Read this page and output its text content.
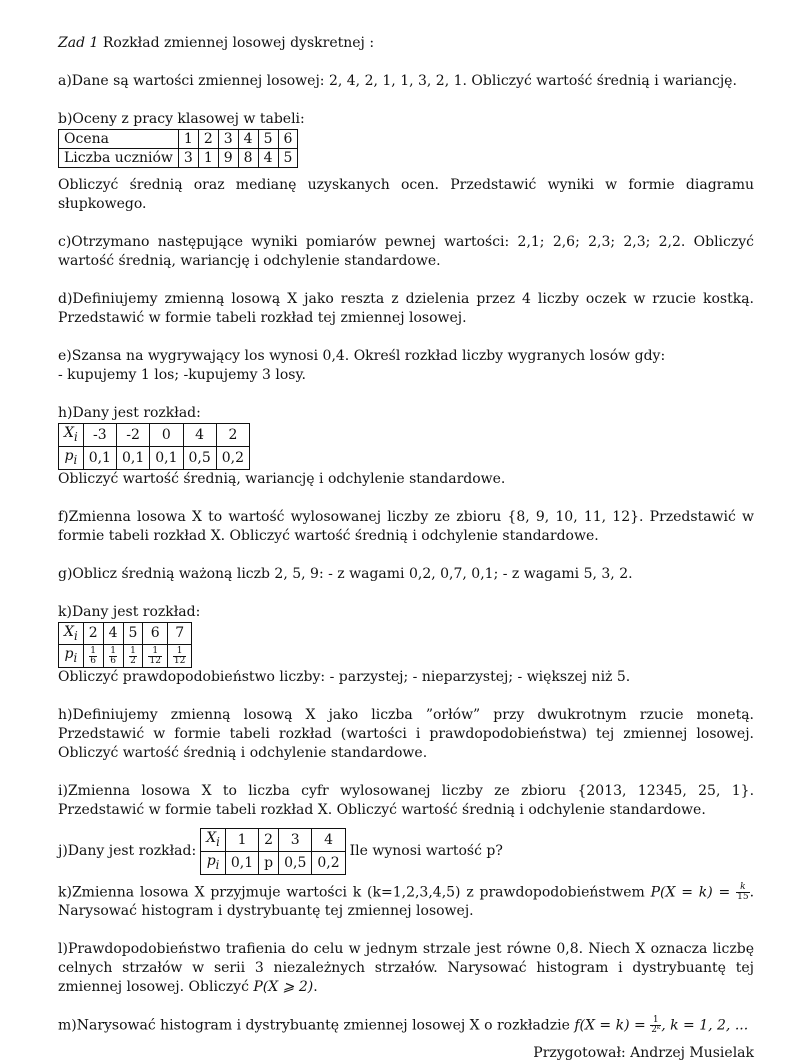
Zad 1 Rozkład zmiennej losowej dyskretnej :

a)Dane są wartości zmiennej losowej: 2, 4, 2, 1, 1, 3, 2, 1. Obliczyć wartość średnią i wariancję.

b)Oceny z pracy klasowej w tabeli:

Ocena	1	2	3	4	5	6
Liczba uczniów	3	1	9	8	4	5

Obliczyć średnią oraz medianę uzyskanych ocen. Przedstawić wyniki w formie diagramu słupkowego.

c)Otrzymano następujące wyniki pomiarów pewnej wartości: 2,1; 2,6; 2,3; 2,3; 2,2. Obliczyć wartość średnią, wariancję i odchylenie standardowe.

d)Definiujemy zmienną losową X jako reszta z dzielenia przez 4 liczby oczek w rzucie kostką. Przedstawić w formie tabeli rozkład tej zmiennej losowej.

e)Szansa na wygrywający los wynosi 0,4. Określ rozkład liczby wygranych losów gdy:

- kupujemy 1 los; -kupujemy 3 losy.

h)Dany jest rozkład:

$X_i$	-3	-2	0	4	2
$p_i$	0,1	0,1	0,1	0,5	0,2

Obliczyć wartość średnią, wariancję i odchylenie standardowe.

f)Zmienna losowa X to wartość wylosowanej liczby ze zbioru {8, 9, 10, 11, 12}. Przedstawić w formie tabeli rozkład X. Obliczyć wartość średnią i odchylenie standardowe.

g)Oblicz średnią ważoną liczb 2, 5, 9: - z wagami 0,2, 0,7, 0,1; - z wagami 5, 3, 2.

k)Dany jest rozkład:

$X_i$	2	4	5	6	7
$p_i$	$\frac{1}{6}$	$\frac{1}{6}$	$\frac{1}{2}$	$\frac{1}{12}$	$\frac{1}{12}$

Obliczyć prawdopodobieństwo liczby: - parzystej; - nieparzystej; - większej niż 5.

h)Definiujemy zmienną losową X jako liczba ”orłów” przy dwukrotnym rzucie monetą. Przedstawić w formie tabeli rozkład (wartości i prawdopodobieństwa) tej zmiennej losowej. Obliczyć wartość średnią i odchylenie standardowe.

i)Zmienna losowa X to liczba cyfr wylosowanej liczby ze zbioru {2013, 12345, 25, 1}. Przedstawić w formie tabeli rozkład X. Obliczyć wartość średnią i odchylenie standardowe.

j)Dany jest rozkład:
$X_i$	1	2	3	4
$p_i$	0,1	p	0,5	0,2
Ile wynosi wartość p?

k)Zmienna losowa X przyjmuje wartości k (k=1,2,3,4,5) z prawdopodobieństwem $P(X = k) = \frac{k}{15}$ . Narysować histogram i dystrybuantę tej zmiennej losowej.

l)Prawdopodobieństwo trafienia do celu w jednym strzale jest równe 0,8. Niech X oznacza liczbę celnych strzałów w serii 3 niezależnych strzałów. Narysować histogram i dystrybuantę tej zmiennej losowej. Obliczyć P(X ⩾ 2).

m)Narysować histogram i dystrybuantę zmiennej losowej X o rozkładzie $f(X = k) = \frac{1}{\text{2ᵏ}}$ , k = 1, 2, ...

Przygotował: Andrzej Musielak
